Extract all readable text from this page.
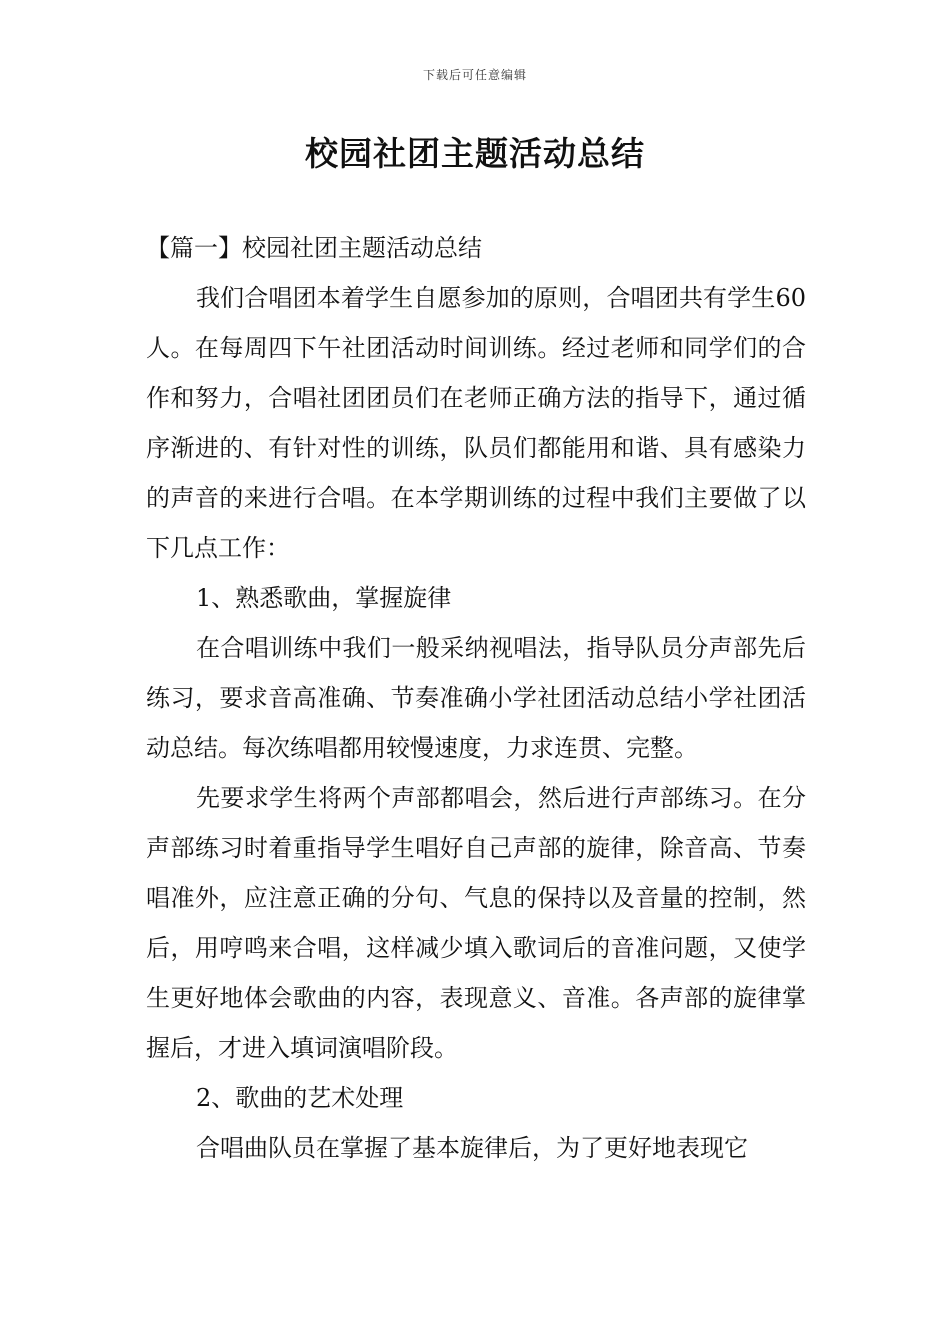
下载后可任意编辑
校园社团主题活动总结

【篇一】校园社团主题活动总结

我们合唱团本着学生自愿参加的原则，合唱团共有学生60人。在每周四下午社团活动时间训练。经过老师和同学们的合作和努力，合唱社团团员们在老师正确方法的指导下，通过循序渐进的、有针对性的训练，队员们都能用和谐、具有感染力的声音的来进行合唱。在本学期训练的过程中我们主要做了以下几点工作：

1、熟悉歌曲，掌握旋律

在合唱训练中我们一般采纳视唱法，指导队员分声部先后练习，要求音高准确、节奏准确小学社团活动总结小学社团活动总结。每次练唱都用较慢速度，力求连贯、完整。

先要求学生将两个声部都唱会，然后进行声部练习。在分声部练习时着重指导学生唱好自己声部的旋律，除音高、节奏唱准外，应注意正确的分句、气息的保持以及音量的控制，然后，用哼鸣来合唱，这样减少填入歌词后的音准问题，又使学生更好地体会歌曲的内容，表现意义、音准。各声部的旋律掌握后，才进入填词演唱阶段。

2、歌曲的艺术处理

合唱曲队员在掌握了基本旋律后，为了更好地表现它
